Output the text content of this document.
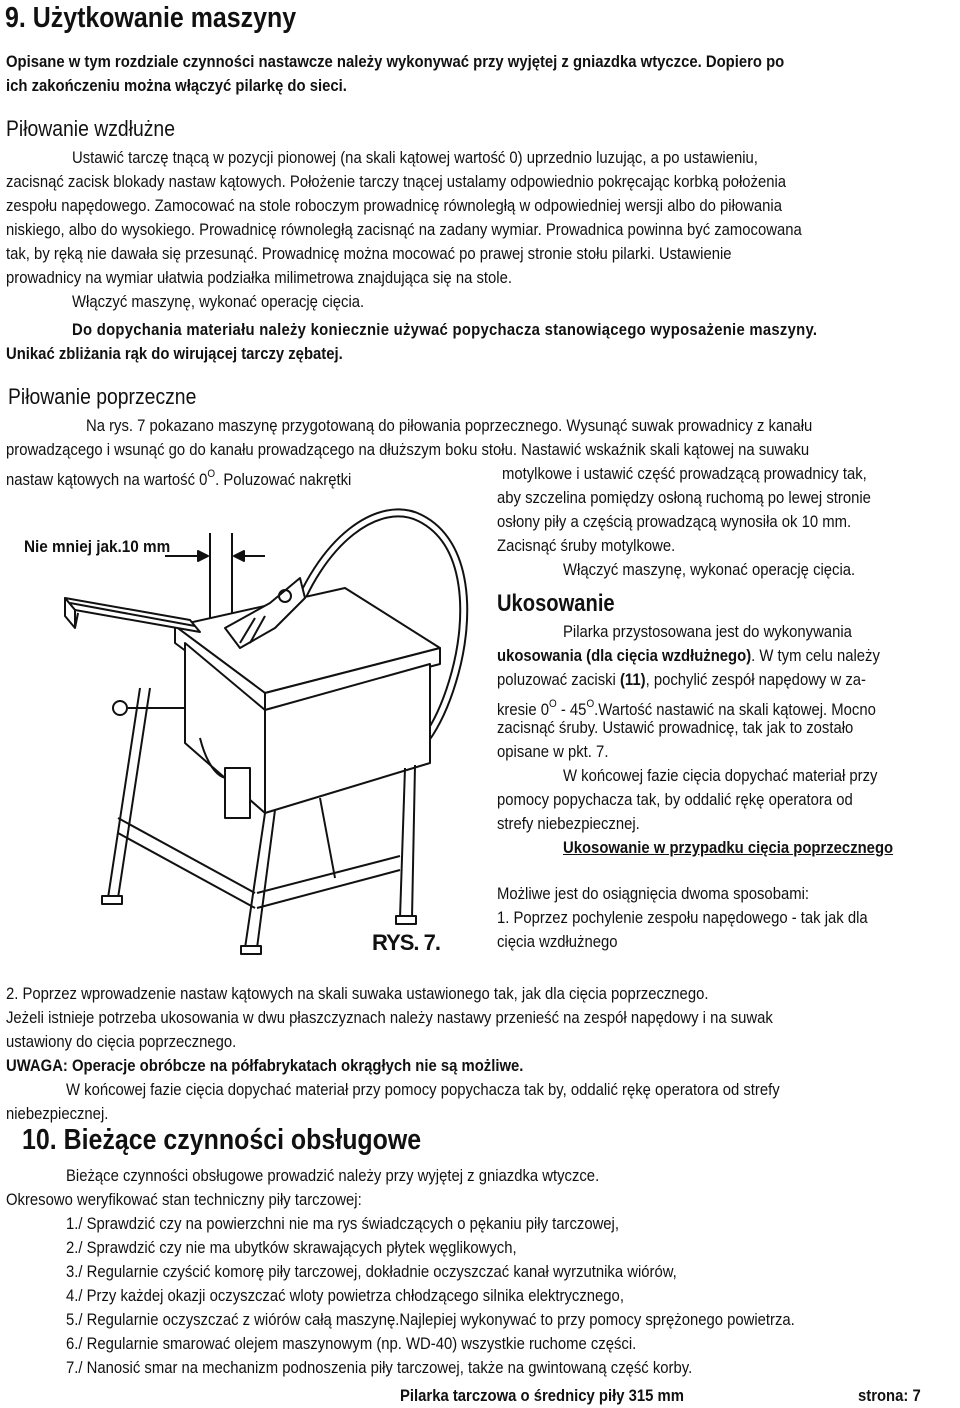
9. Użytkowanie maszyny
Opisane w tym rozdziale czynności nastawcze należy wykonywać przy wyjętej z gniazdka wtyczce. Dopiero po
ich zakończeniu można włączyć pilarkę do sieci.
Piłowanie wzdłużne
Ustawić tarczę tnącą w pozycji pionowej (na skali kątowej wartość 0) uprzednio luzując, a po ustawieniu,
zacisnąć zacisk blokady nastaw kątowych. Położenie tarczy tnącej ustalamy odpowiednio pokręcając korbką położenia
zespołu napędowego. Zamocować na stole roboczym prowadnicę równoległą w odpowiedniej wersji albo do piłowania
niskiego, albo do wysokiego. Prowadnicę równoległą zacisnąć na zadany wymiar. Prowadnica powinna być zamocowana
tak, by ręką nie dawała się przesunąć. Prowadnicę można mocować po prawej stronie stołu pilarki. Ustawienie
prowadnicy na wymiar ułatwia podziałka milimetrowa znajdująca się na stole.
Włączyć maszynę, wykonać operację cięcia.
Do dopychania materiału należy koniecznie używać popychacza stanowiącego wyposażenie maszyny.
Unikać zbliżania rąk do wirującej tarczy zębatej.
Piłowanie poprzeczne
Na rys. 7 pokazano maszynę przygotowaną do piłowania poprzecznego. Wysunąć suwak prowadnicy z kanału
prowadzącego i wsunąć go do kanału prowadzącego na dłuższym boku stołu. Nastawić wskaźnik skali kątowej na suwaku
nastaw kątowych na wartość $0^O$. Poluzować nakrętki	motylkowe i ustawić część prowadzącą prowadnicy tak,
aby szczelina pomiędzy osłoną ruchomą po lewej stronie
osłony piły a częścią prowadzącą wynosiła ok 10 mm.
Zacisnąć śruby motylkowe.
Włączyć maszynę, wykonać operację cięcia.
Nie mniej jak.10 mm
RYS. 7.
Ukosowanie
Pilarka przystosowana jest do wykonywania
ukosowania (dla cięcia wzdłużnego). W tym celu należy
poluzować zaciski (11), pochylić zespół napędowy w za-
kresie $0^O$ - $45^O.Wartość$ nastawić na skali kątowej. Mocno
zacisnąć śruby. Ustawić prowadnicę, tak jak to zostało
opisane w pkt. 7.
W końcowej fazie cięcia dopychać materiał przy
pomocy popychacza tak, by oddalić rękę operatora od
strefy niebezpiecznej.
Ukosowanie w przypadku cięcia poprzecznego
Możliwe jest do osiągnięcia dwoma sposobami:
1. Poprzez pochylenie zespołu napędowego - tak jak dla
cięcia wzdłużnego
2. Poprzez wprowadzenie nastaw kątowych na skali suwaka ustawionego tak, jak dla cięcia poprzecznego.
Jeżeli istnieje potrzeba ukosowania w dwu płaszczyznach należy nastawy przenieść na zespół napędowy i na suwak
ustawiony do cięcia poprzecznego.
UWAGA: Operacje obróbcze na półfabrykatach okrągłych nie są możliwe.
W końcowej fazie cięcia dopychać materiał przy pomocy popychacza tak by, oddalić rękę operatora od strefy
niebezpiecznej.
10. Bieżące czynności obsługowe
Bieżące czynności obsługowe prowadzić należy przy wyjętej z gniazdka wtyczce.
Okresowo weryfikować stan techniczny piły tarczowej:
1./ Sprawdzić czy na powierzchni nie ma rys świadczących o pękaniu piły tarczowej,
2./ Sprawdzić czy nie ma ubytków skrawających płytek węglikowych,
3./ Regularnie czyścić komorę piły tarczowej, dokładnie oczyszczać kanał wyrzutnika wiórów,
4./ Przy każdej okazji oczyszczać wloty powietrza chłodzącego silnika elektrycznego,
5./ Regularnie oczyszczać z wiórów całą maszynę.Najlepiej wykonywać to przy pomocy sprężonego powietrza.
6./ Regularnie smarować olejem maszynowym (np. WD-40) wszystkie ruchome części.
7./ Nanosić smar na mechanizm podnoszenia piły tarczowej, także na gwintowaną część korby.
Pilarka tarczowa o średnicy piły 315 mm	strona: 7
